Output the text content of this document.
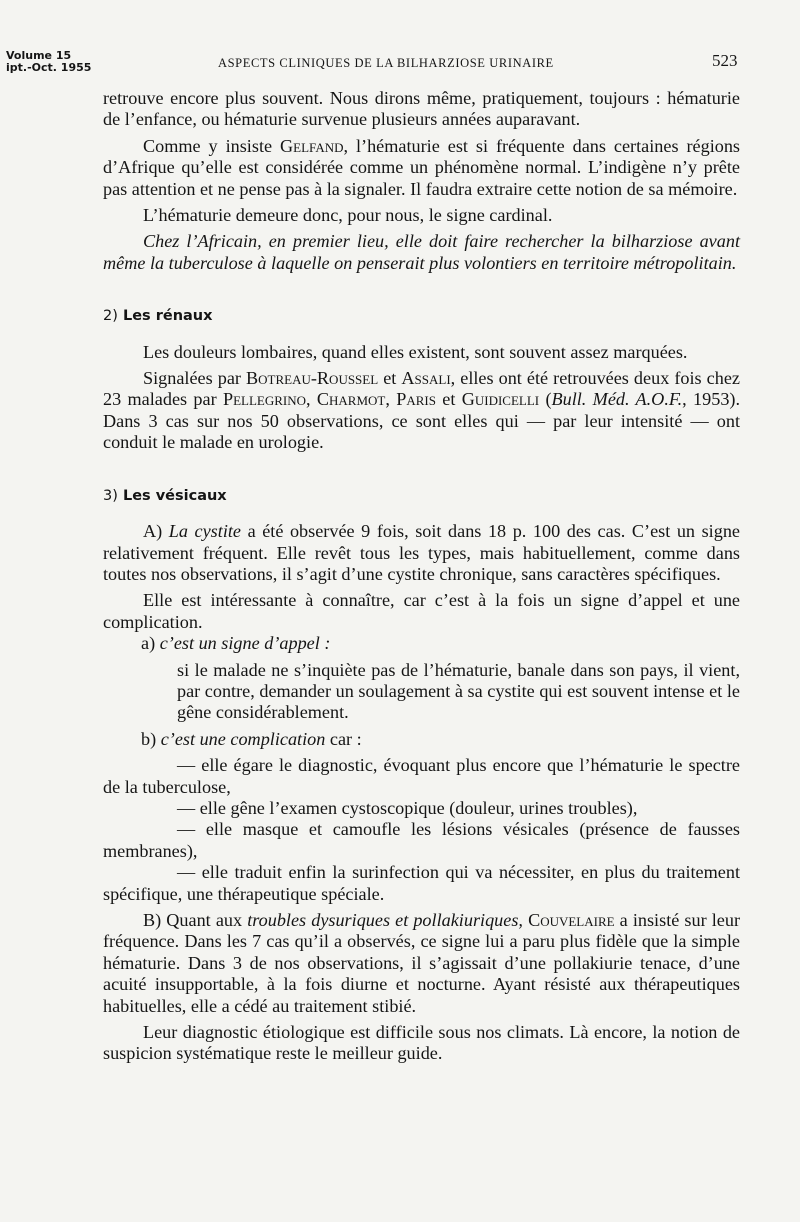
Volume 15
ipt.-Oct. 1955	ASPECTS CLINIQUES DE LA BILHARZIOSE URINAIRE	523

retrouve encore plus souvent. Nous dirons même, pratiquement, toujours : hématurie de l’enfance, ou hématurie survenue plusieurs années auparavant.

Comme y insiste Gelfand, l’hématurie est si fréquente dans certaines régions d’Afrique qu’elle est considérée comme un phénomène normal. L’indigène n’y prête pas attention et ne pense pas à la signaler. Il faudra extraire cette notion de sa mémoire.

L’hématurie demeure donc, pour nous, le signe cardinal.

Chez l’Africain, en premier lieu, elle doit faire rechercher la bilharziose avant même la tuberculose à laquelle on penserait plus volontiers en territoire métropolitain.

2) Les rénaux

Les douleurs lombaires, quand elles existent, sont souvent assez marquées.

Signalées par Botreau-Roussel et Assali, elles ont été retrouvées deux fois chez 23 malades par Pellegrino, Charmot, Paris et Guidicelli (Bull. Méd. A.O.F., 1953). Dans 3 cas sur nos 50 observations, ce sont elles qui — par leur intensité — ont conduit le malade en urologie.

3) Les vésicaux

A) La cystite a été observée 9 fois, soit dans 18 p. 100 des cas. C’est un signe relativement fréquent. Elle revêt tous les types, mais habituellement, comme dans toutes nos observations, il s’agit d’une cystite chronique, sans caractères spécifiques.

Elle est intéressante à connaître, car c’est à la fois un signe d’appel et une complication.

a) c’est un signe d’appel :

si le malade ne s’inquiète pas de l’hématurie, banale dans son pays, il vient, par contre, demander un soulagement à sa cystite qui est souvent intense et le gêne considérablement.

b) c’est une complication car :

— elle égare le diagnostic, évoquant plus encore que l’hématurie le spectre de la tuberculose,

— elle gêne l’examen cystoscopique (douleur, urines troubles),

— elle masque et camoufle les lésions vésicales (présence de fausses membranes),

— elle traduit enfin la surinfection qui va nécessiter, en plus du traitement spécifique, une thérapeutique spéciale.

B) Quant aux troubles dysuriques et pollakiuriques, Couvelaire a insisté sur leur fréquence. Dans les 7 cas qu’il a observés, ce signe lui a paru plus fidèle que la simple hématurie. Dans 3 de nos observations, il s’agissait d’une pollakiurie tenace, d’une acuité insupportable, à la fois diurne et nocturne. Ayant résisté aux thérapeutiques habituelles, elle a cédé au traitement stibié.

Leur diagnostic étiologique est difficile sous nos climats. Là encore, la notion de suspicion systématique reste le meilleur guide.
